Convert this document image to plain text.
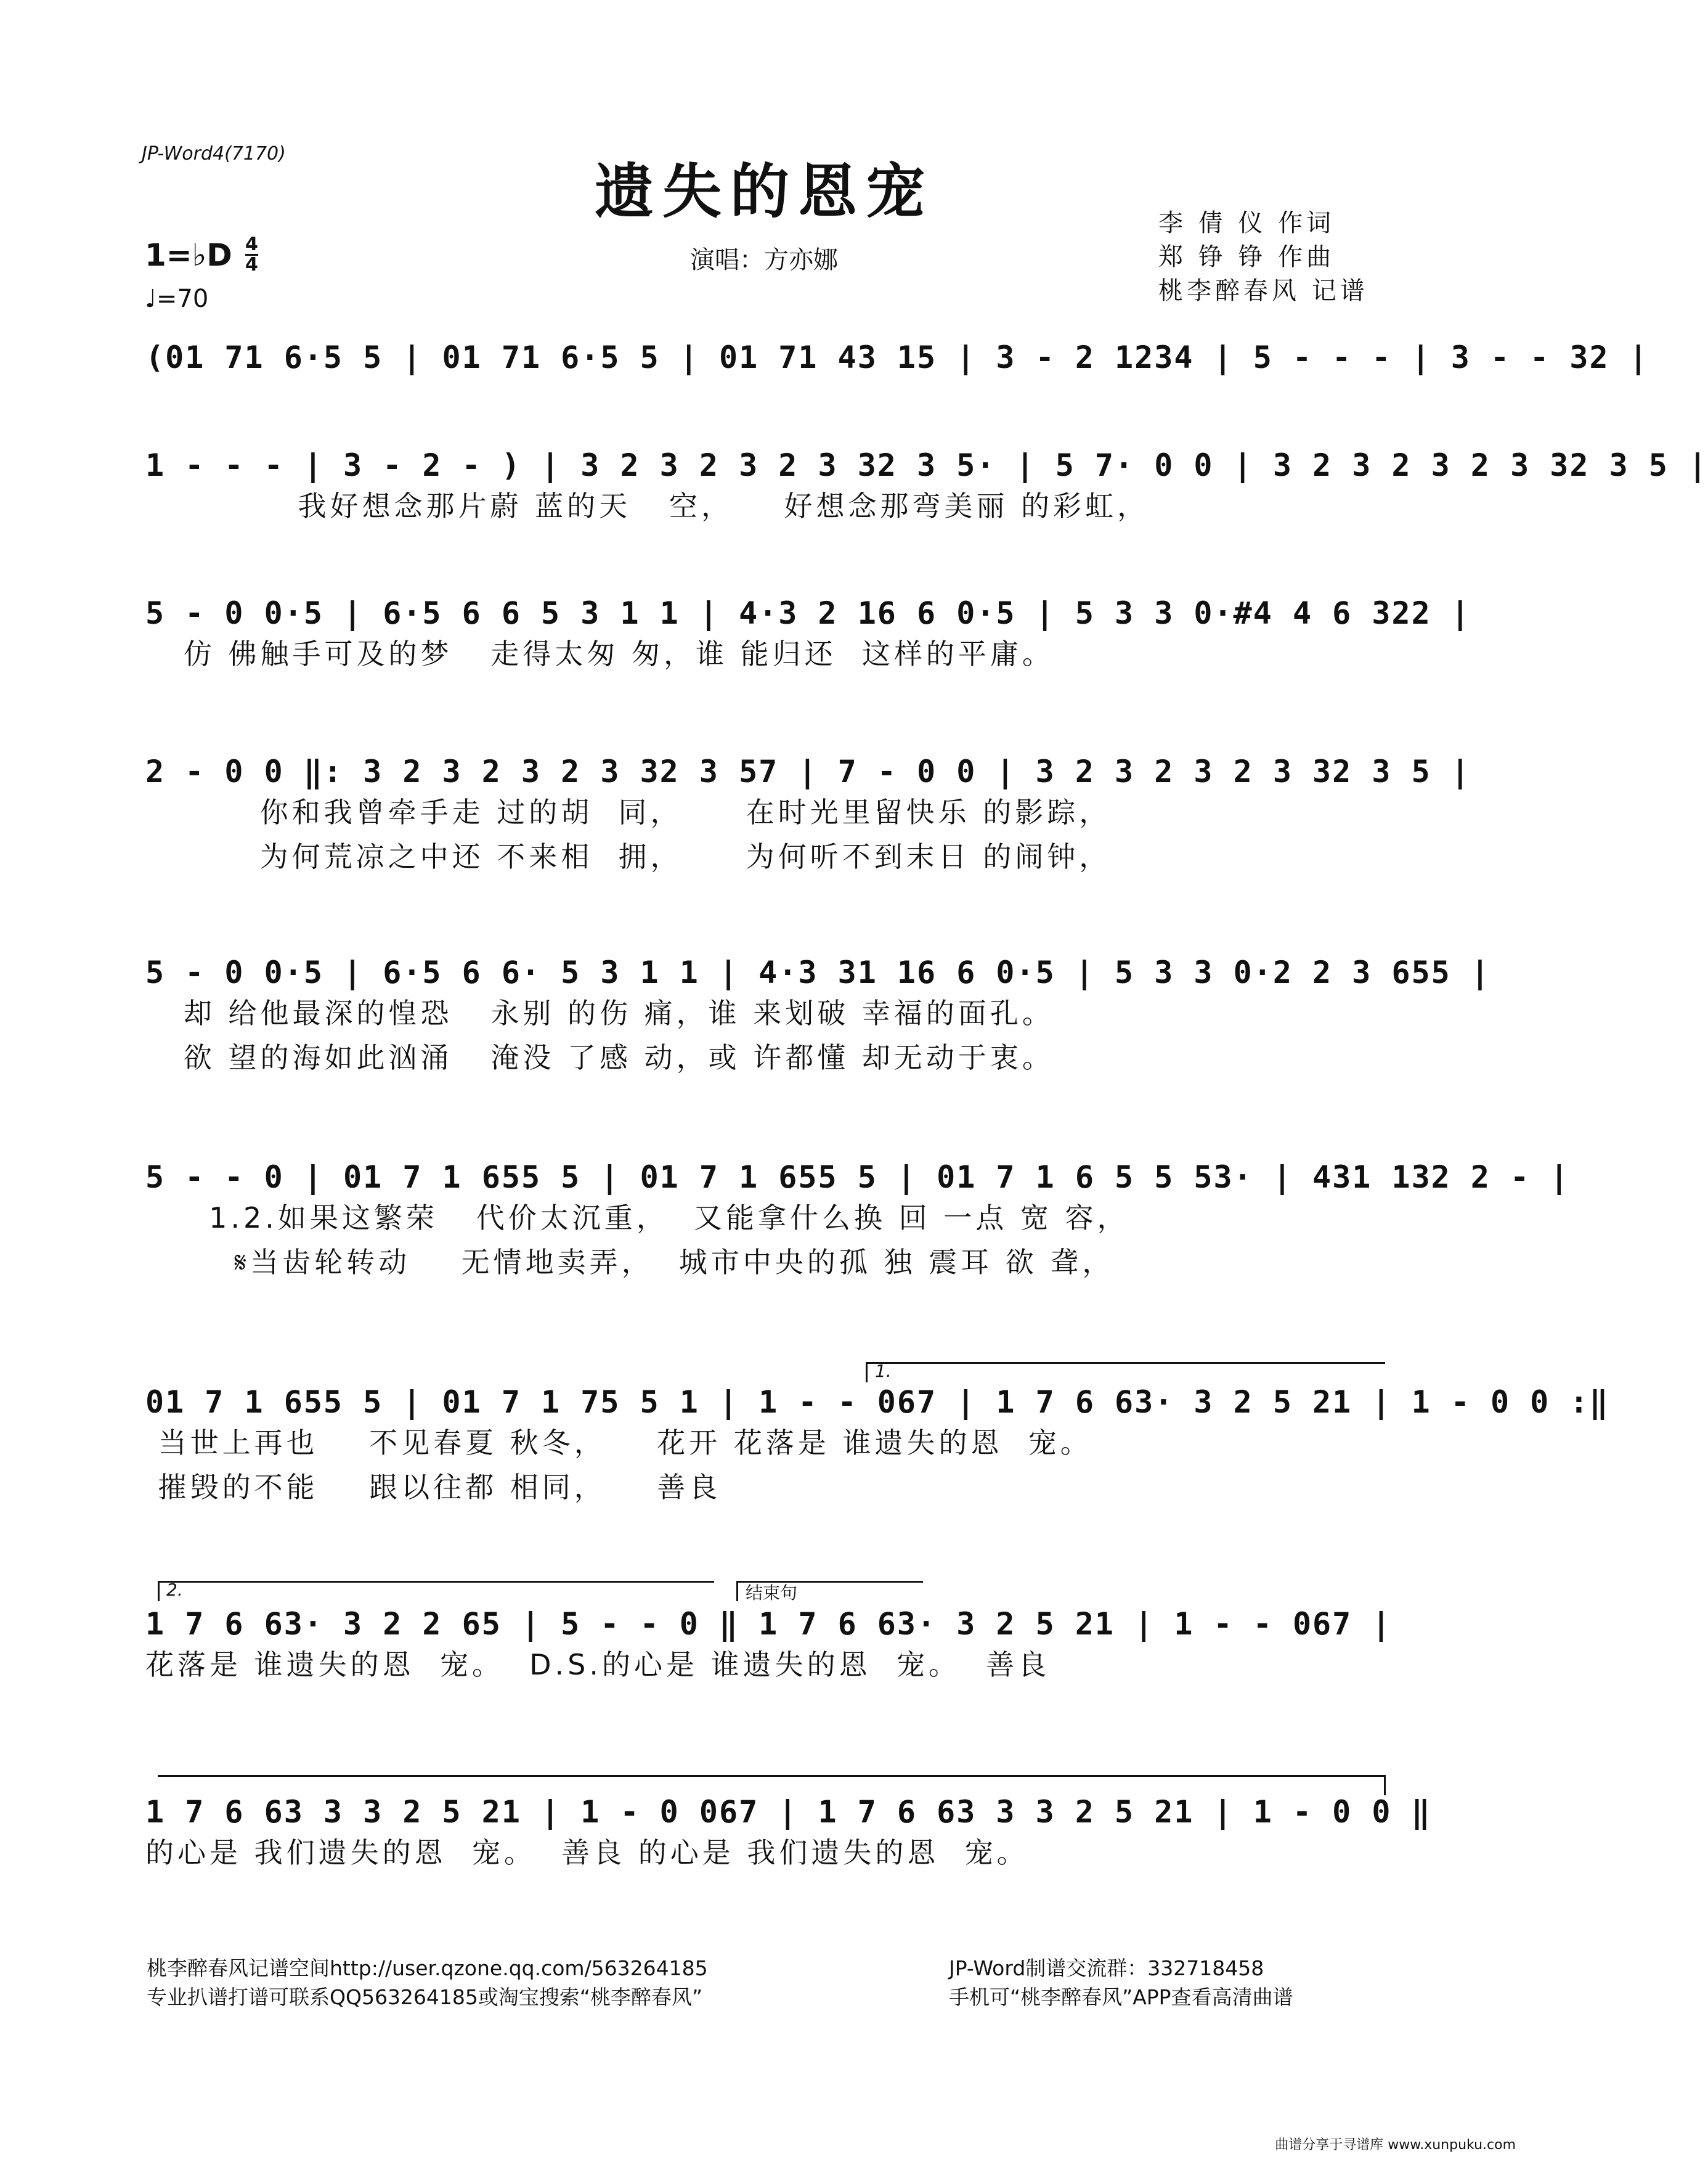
JP-Word4(7170)
遗失的恩宠
演唱：方亦娜
李 倩 仪 作词
郑 铮 铮 作曲
桃李醉春风 记谱
1=♭D 4
4
♩=70
(01 71 6·5 5 | 01 71 6·5 5 | 01 71 43 15 | 3 - 2 1234 | 5 - - - | 3 - - 32 |
1 - - - | 3 - 2 - ) | 3 2 3 2 3 2 3 32 3 5· | 5 7· 0 0 | 3 2 3 2 3 2 3 32 3 5 |
我好想念那片蔚 蓝的天   空，    好想念那弯美丽 的彩虹，
5 - 0 0·5 | 6·5 6 6 5 3 1 1 | 4·3 2 16 6 0·5 | 5 3 3 0·#4 4 6 322 |
仿 佛触手可及的梦   走得太匆 匆，谁 能归还  这样的平庸。
2 - 0 0 ‖: 3 2 3 2 3 2 3 32 3 57 | 7 - 0 0 | 3 2 3 2 3 2 3 32 3 5 |
你和我曾牵手走 过的胡  同，     在时光里留快乐 的影踪，
为何荒凉之中还 不来相  拥，     为何听不到末日 的闹钟，
5 - 0 0·5 | 6·5 6 6· 5 3 1 1 | 4·3 31 16 6 0·5 | 5 3 3 0·2 2 3 655 |
却 给他最深的惶恐   永别 的伤 痛，谁 来划破 幸福的面孔。
欲 望的海如此汹涌   淹没 了感 动，或 许都懂 却无动于衷。
5 - - 0 | 01 7 1 655 5 | 01 7 1 655 5 | 01 7 1 6 5 5 53· | 431 132 2 - |
1.2.如果这繁荣   代价太沉重，  又能拿什么换 回 一点 宽 容，
𝄋当齿轮转动    无情地卖弄，  城市中央的孤 独 震耳 欲 聋，
1.
01 7 1 655 5 | 01 7 1 75 5 1 | 1 - - 067 | 1 7 6 63· 3 2 5 21 | 1 - 0 0 :‖
当世上再也    不见春夏 秋冬，    花开 花落是 谁遗失的恩  宠。
摧毁的不能    跟以往都 相同，    善良
2.	结束句
1 7 6 63· 3 2 2 65 | 5 - - 0 ‖ 1 7 6 63· 3 2 5 21 | 1 - - 067 |
花落是 谁遗失的恩  宠。  D.S.的心是 谁遗失的恩  宠。  善良
1 7 6 63 3 3 2 5 21 | 1 - 0 067 | 1 7 6 63 3 3 2 5 21 | 1 - 0 0 ‖
的心是 我们遗失的恩  宠。  善良 的心是 我们遗失的恩  宠。
桃李醉春风记谱空间http://user.qzone.qq.com/563264185
专业扒谱打谱可联系QQ563264185或淘宝搜索“桃李醉春风”
JP-Word制谱交流群：332718458
手机可“桃李醉春风”APP查看高清曲谱
曲谱分享于寻谱库 www.xunpuku.com
